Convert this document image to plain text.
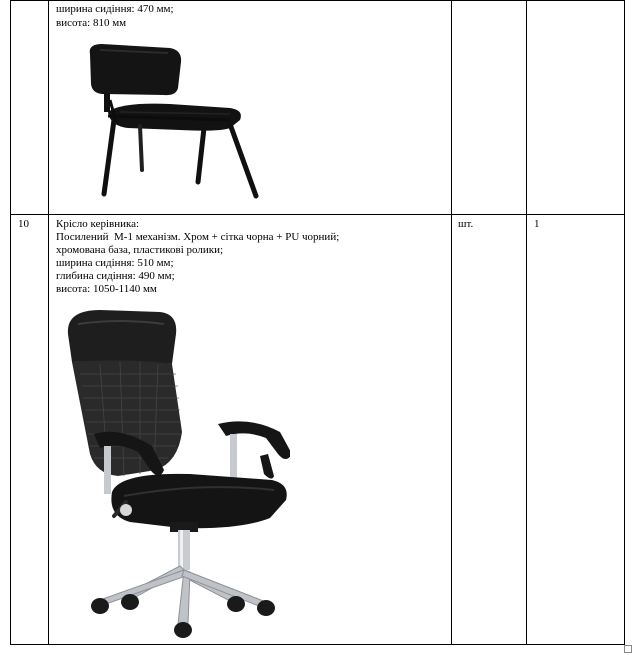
ширина сидіння: 470 мм;
висота: 810 мм
10 Крісло керівника:
Посилений  М-1 механізм. Хром + сітка чорна + PU чорний;
хромована база, пластикові ролики;
ширина сидіння: 510 мм;
глибина сидіння: 490 мм;
висота: 1050-1140 мм
шт.	1
